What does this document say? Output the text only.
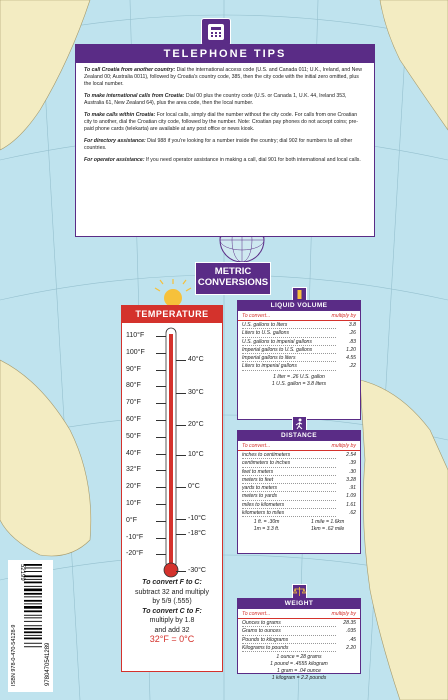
TELEPHONE TIPS

To call Croatia from another country: Dial the international access code (U.S. and Canada 011; U.K., Ireland, and New Zealand 00; Australia 0011), followed by Croatia's country code, 385, then the city code with the initial zero omitted, plus the local number.

To make international calls from Croatia: Dial 00 plus the country code (U.S. or Canada 1, U.K. 44, Ireland 353, Australia 61, New Zealand 64), plus the area code, then the local number.

To make calls within Croatia: For local calls, simply dial the number without the city code. For calls from one Croatian city to another, dial the Croatian city code, followed by the number. Note: Croatian pay phones do not accept coins; pre-paid phone cards (telekarta) are available at any post office or news kiosk.

For directory assistance: Dial 988 if you're looking for a number inside the country; dial 902 for numbers to all other countries.

For operator assistance: If you need operator assistance in making a call, dial 901 for both international and local calls.

METRIC
CONVERSIONS
TEMPERATURE
110°F
100°F
90°F
80°F
70°F
60°F
50°F
40°F
32°F
20°F
10°F
0°F
-10°F
-20°F
40°C
30°C
20°C
10°C
0°C
-10°C
-18°C
-30°C
To convert F to C:
subtract 32 and multiply
by 5/9 (.555)
To convert C to F:
multiply by 1.8
and add 32
32°F = 0°C
LIQUID VOLUME
To convert...	multiply by
U.S. gallons to liters	3.8
Liters to U.S. gallons	.26
U.S. gallons to imperial gallons	.83
Imperial gallons to U.S. gallons	1.20
Imperial gallons to liters	4.55
Liters to imperial gallons	.22
1 liter = .26 U.S. gallon
1 U.S. gallon = 3.8 liters
DISTANCE
To convert...	multiply by
inches to centimeters	2.54
centimeters to inches	.39
feet to meters	.30
meters to feet	3.28
yards to meters	.91
meters to yards	1.09
miles to kilometers	1.61
kilometers to miles	.62
1 ft. = .30m	1 mile = 1.6km
1m = 3.3 ft.	1km = .62 mile
WEIGHT
To convert...	multiply by
Ounces to grams	28.35
Grams to ounces	.035
Pounds to kilograms	.45
Kilograms to pounds	2.20
1 ounce = 28 grams
1 pound = .4555 kilogram
1 gram = .04 ounce
1 kilogram = 2.2 pounds
ISBN 978-0-470-54128-9	9780470541289
52199
